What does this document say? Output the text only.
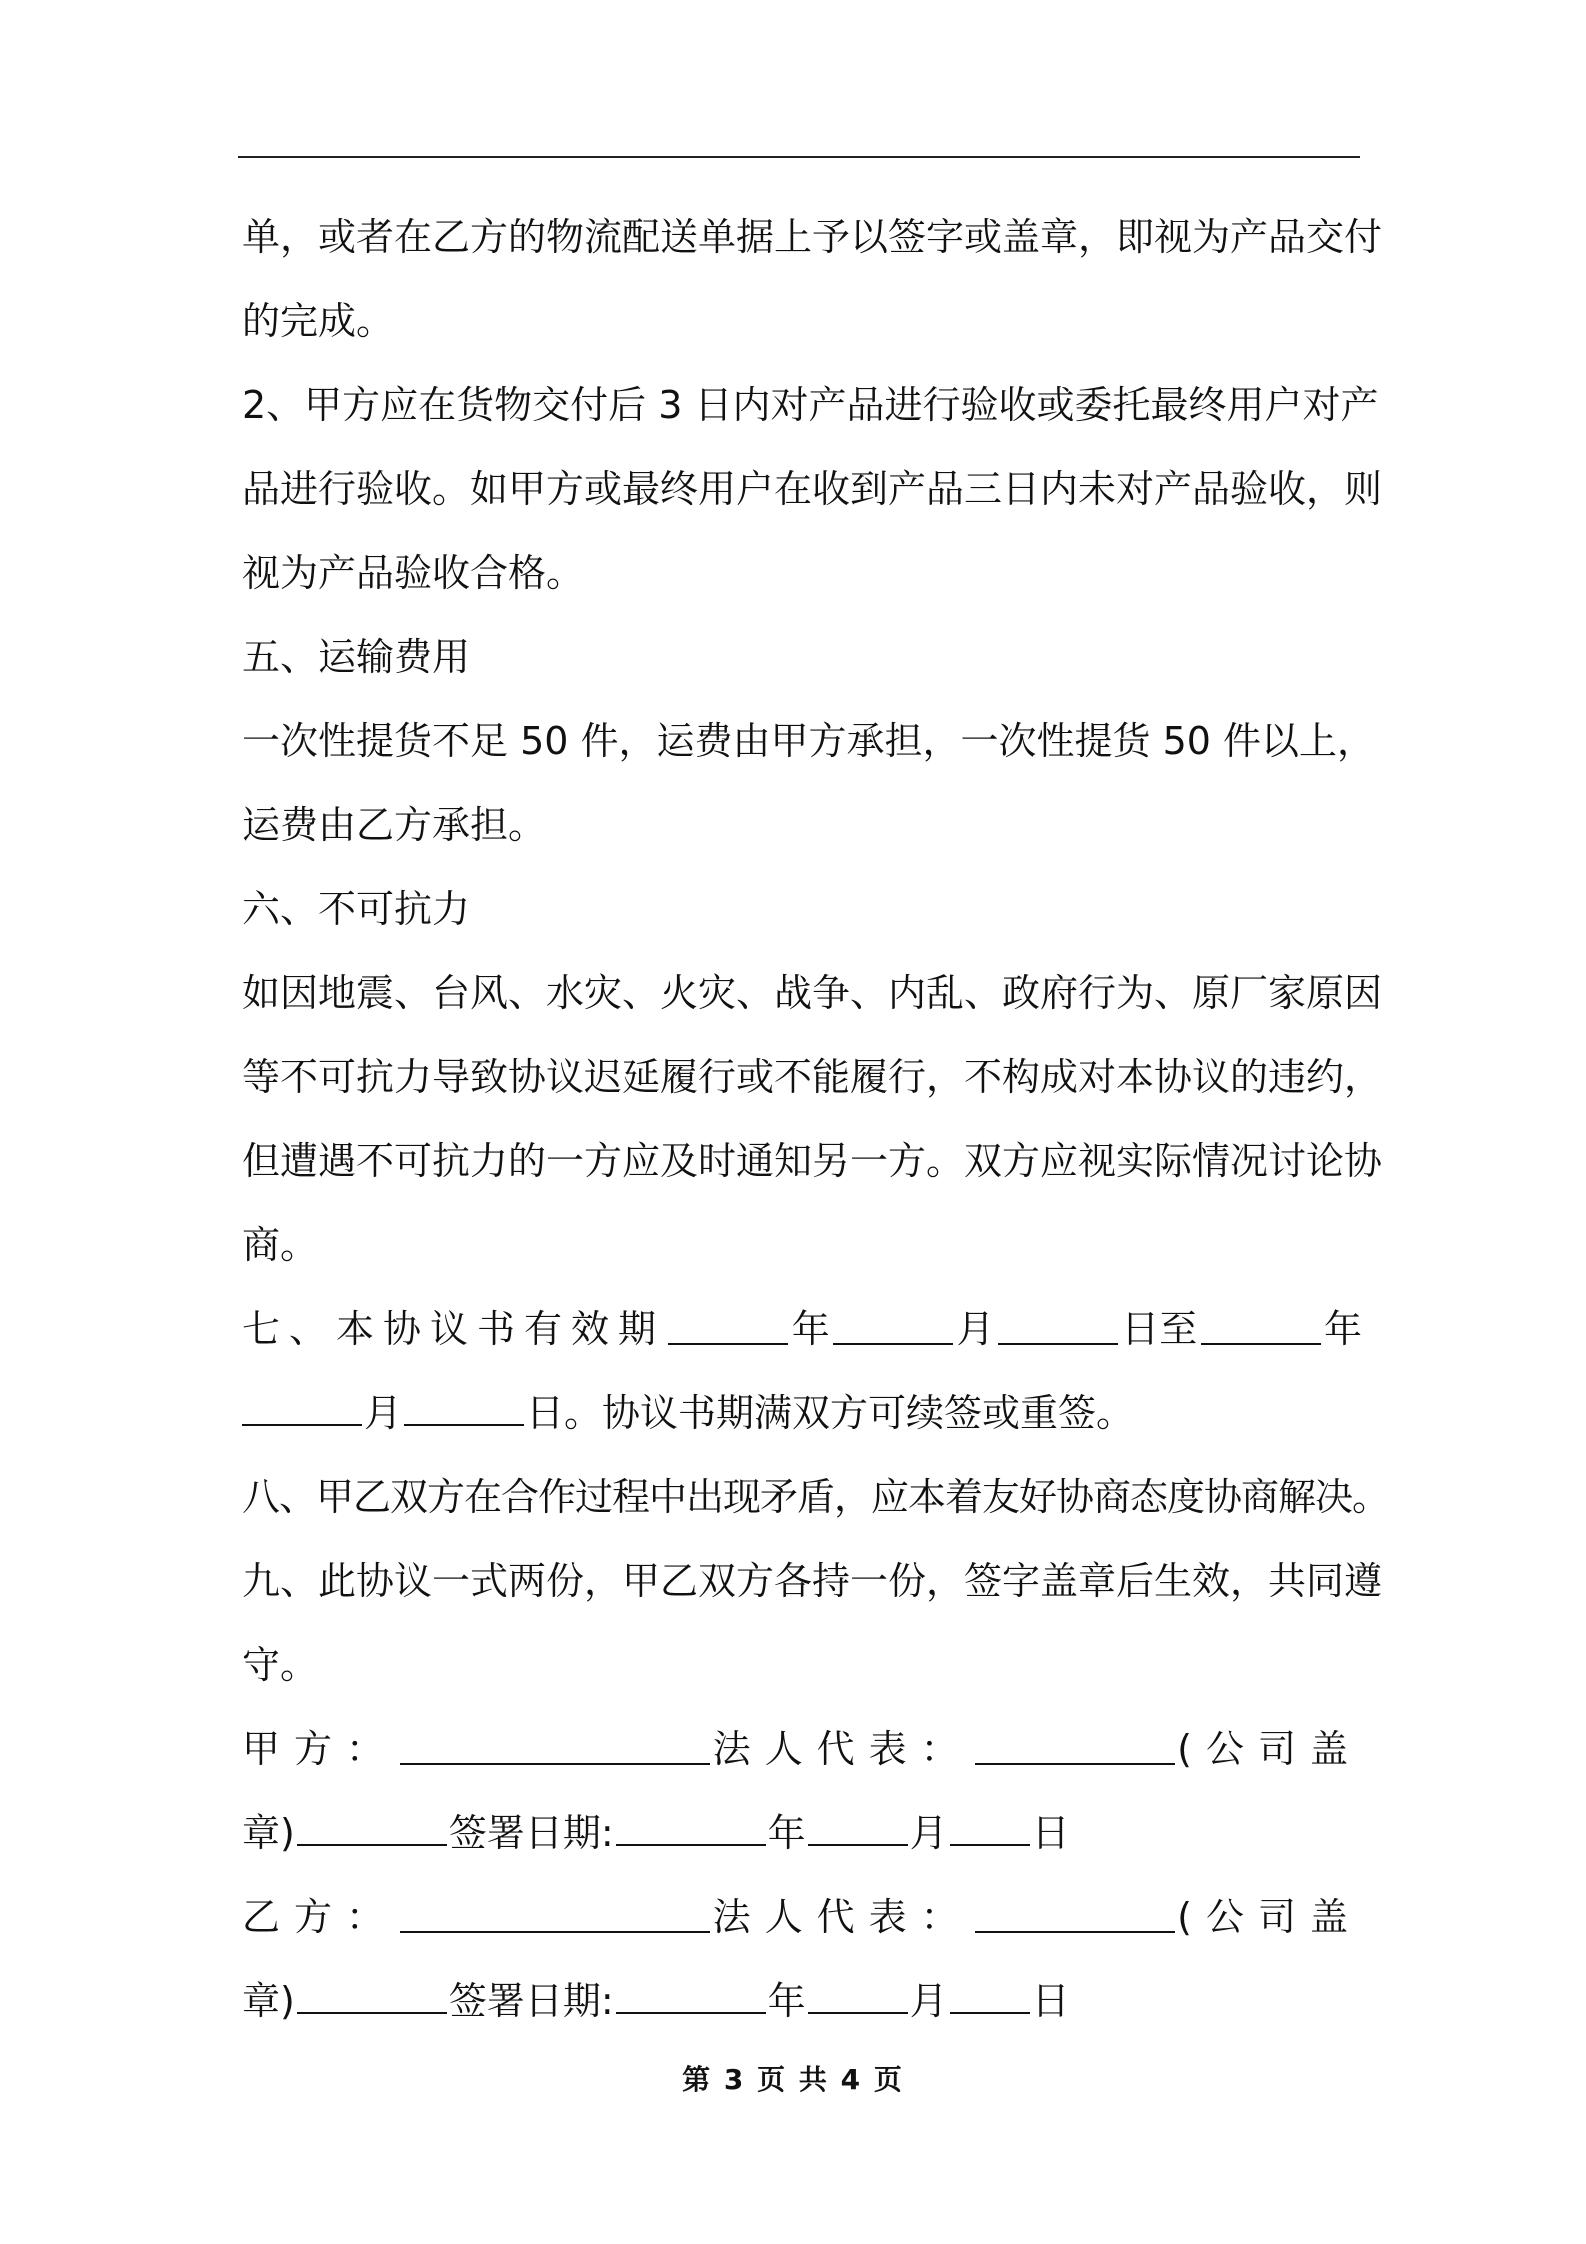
单，或者在乙方的物流配送单据上予以签字或盖章，即视为产品交付
的完成。
2、甲方应在货物交付后 3 日内对产品进行验收或委托最终用户对产
品进行验收。如甲方或最终用户在收到产品三日内未对产品验收，则
视为产品验收合格。
五、运输费用
一次性提货不足 50 件，运费由甲方承担，一次性提货 50 件以上，
运费由乙方承担。
六、不可抗力
如因地震、台风、水灾、火灾、战争、内乱、政府行为、原厂家原因
等不可抗力导致协议迟延履行或不能履行，不构成对本协议的违约，
但遭遇不可抗力的一方应及时通知另一方。双方应视实际情况讨论协
商。
七、本协议书有效期	年	月	日至	年
月	日。协议书期满双方可续签或重签。
八、甲乙双方在合作过程中出现矛盾，应本着友好协商态度协商解决。
九、此协议一式两份，甲乙双方各持一份，签字盖章后生效，共同遵
守。
甲方：	法人代表：	(公司盖
章)	签署日期:	年	月 日
乙方：	法人代表：	(公司盖
章)	签署日期:	年	月 日
第 3 页 共 4 页
